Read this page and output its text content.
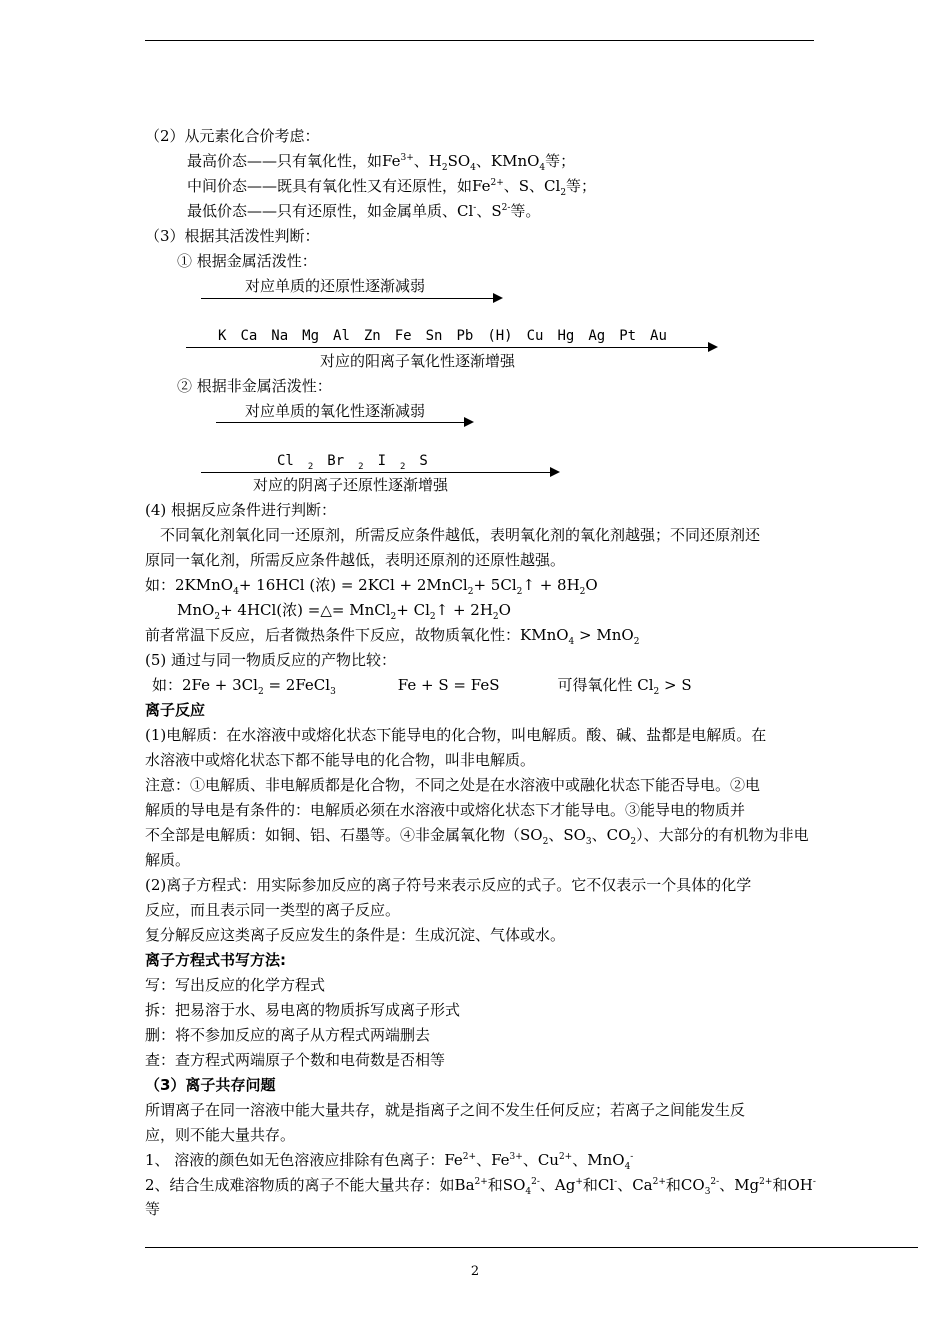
（2）从元素化合价考虑：
最高价态——只有氧化性，如$Fe^{3+}$、$H_2SO_4$、KMnO$_4$等；
中间价态——既具有氧化性又有还原性，如$Fe^{2+}$、S、$Cl_2$等；
最低价态——只有还原性，如金属单质、Cl-、$S^{2-}$等。
（3）根据其活泼性判断：
① 根据金属活泼性：
对应单质的还原性逐渐减弱
K Ca Na Mg Al Zn Fe Sn Pb (H) Cu Hg Ag Pt Au
对应的阳离子氧化性逐渐增强
② 根据非金属活泼性：
对应单质的氧化性逐渐减弱
Cl $_2$ Br $_2$ I $_2$ S
对应的阴离子还原性逐渐增强
(4) 根据反应条件进行判断：
不同氧化剂氧化同一还原剂，所需反应条件越低，表明氧化剂的氧化剂越强；不同还原剂还
原同一氧化剂，所需反应条件越低，表明还原剂的还原性越强。
如：2KMnO$_4$+ 16HCl (浓) = 2KCl + 2MnCl$_2$+ $5Cl_2↑ + 8H_2O$
MnO$_2$+ 4HCl(浓) =△= MnCl$_2$+ $Cl_2↑ + 2H_2O$
前者常温下反应，后者微热条件下反应，故物质氧化性：KMnO$_4$ > MnO$_2$
(5) 通过与同一物质反应的产物比较：
如：$2Fe + 3Cl_2$ = 2FeCl$_3$	Fe + S = FeS	可得氧化性 $Cl_2 > S$
离子反应
(1)电解质：在水溶液中或熔化状态下能导电的化合物，叫电解质。酸、碱、盐都是电解质。在
水溶液中或熔化状态下都不能导电的化合物，叫非电解质。
注意：①电解质、非电解质都是化合物，不同之处是在水溶液中或融化状态下能否导电。②电
解质的导电是有条件的：电解质必须在水溶液中或熔化状态下才能导电。③能导电的物质并
不全部是电解质：如铜、铝、石墨等。④非金属氧化物（$SO_2$、$SO_3$、$CO_2$）、大部分的有机物为非电
解质。
(2)离子方程式：用实际参加反应的离子符号来表示反应的式子。它不仅表示一个具体的化学
反应，而且表示同一类型的离子反应。
复分解反应这类离子反应发生的条件是：生成沉淀、气体或水。
离子方程式书写方法:
写：写出反应的化学方程式
拆：把易溶于水、易电离的物质拆写成离子形式
删：将不参加反应的离子从方程式两端删去
查：查方程式两端原子个数和电荷数是否相等
（3）离子共存问题
所谓离子在同一溶液中能大量共存，就是指离子之间不发生任何反应；若离子之间能发生反
应，则不能大量共存。
1、 溶液的颜色如无色溶液应排除有色离子：$Fe^{2+}$、$Fe^{3+}$、$Cu^{2+}$、MnO$_4$-
2、结合生成难溶物质的离子不能大量共存：如$Ba^{2+}$和$SO_4^{2-}$、Ag+和Cl-、$Ca^{2+}$和$CO_3^{2-}$、$Mg^{2+}$和OH-
等
2
